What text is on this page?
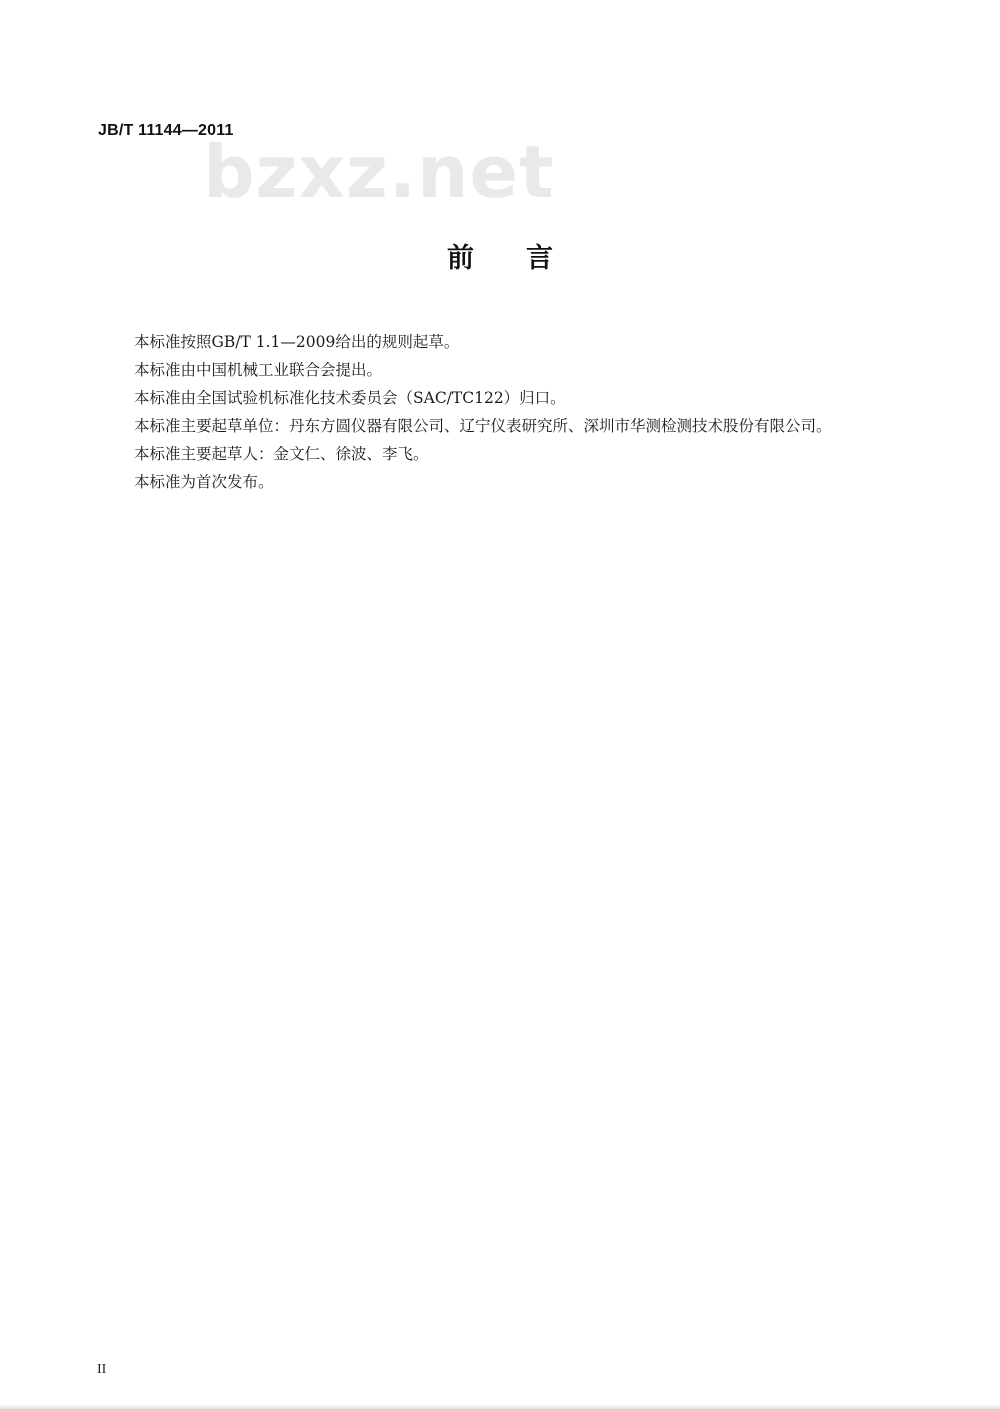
JB/T 11144—2011
bzxz.net
前 言

本标准按照GB/T 1.1—2009给出的规则起草。

本标准由中国机械工业联合会提出。

本标准由全国试验机标准化技术委员会（SAC/TC122）归口。

本标准主要起草单位：丹东方圆仪器有限公司、辽宁仪表研究所、深圳市华测检测技术股份有限公司。

本标准主要起草人：金文仁、徐波、李飞。

本标准为首次发布。

II
